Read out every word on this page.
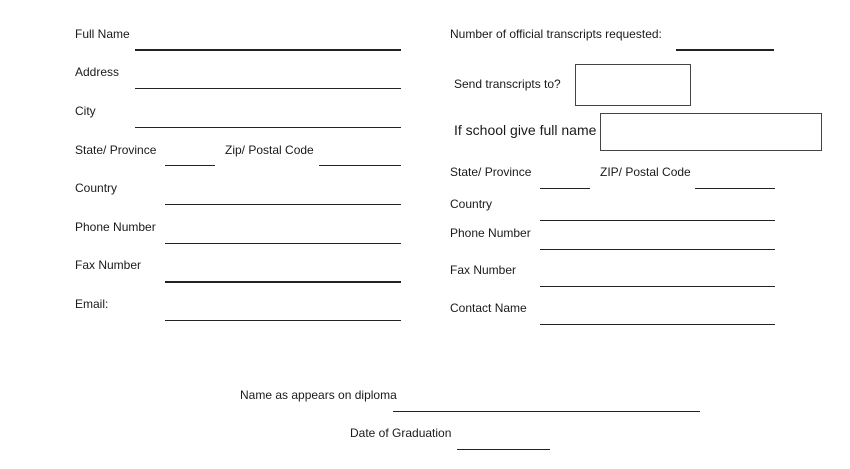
Full Name
Address
City
State/ Province	Zip/ Postal Code
Country
Phone Number
Fax Number
Email:
Number of official transcripts requested:
Send transcripts to?
If school give full name
State/ Province	ZIP/ Postal Code
Country
Phone Number
Fax Number
Contact Name
Name as appears on diploma
Date of Graduation
